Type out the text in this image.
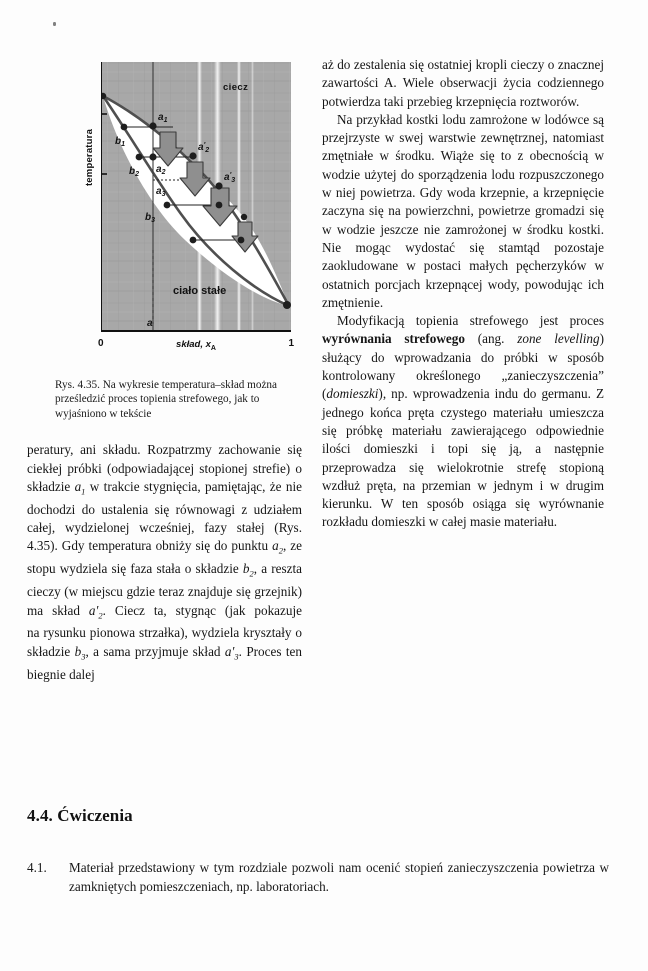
temperatura
ciecz
ciało stałe
a
$a_1$
$a_2$
$a_3$
$a'_2$
$a'_3$
$b_1$
$b_2$
$b_3$
0	skład, $x_A$	1
Rys. 4.35. Na wykresie temperatura–skład można prześledzić proces topienia strefowego, jak to wyjaśniono w tekście

peratury, ani składu. Rozpatrzmy zachowanie się ciekłej próbki (odpowiadającej stopionej strefie) o składzie $a_1$ w trakcie stygnięcia, pamiętając, że nie dochodzi do ustalenia się równowagi z udziałem całej, wydzielonej wcześniej, fazy stałej (Rys. 4.35). Gdy temperatura obniży się do punktu $a_2$, ze stopu wydziela się faza stała o składzie $b_2$, a reszta cieczy (w miejscu gdzie teraz znajduje się grzejnik) ma skład $a'_2$. Ciecz ta, stygnąc (jak pokazuje na rysunku pionowa strzałka), wydziela kryształy o składzie $b_3$, a sama przyjmuje skład $a'_3$. Proces ten biegnie dalej

aż do zestalenia się ostatniej kropli cieczy o znacznej zawartości A. Wiele obserwacji życia codziennego potwierdza taki przebieg krzepnięcia roztworów.

Na przykład kostki lodu zamrożone w lodówce są przejrzyste w swej warstwie zewnętrznej, natomiast zmętniałe w środku. Wiąże się to z obecnością w wodzie użytej do sporządzenia lodu rozpuszczonego w niej powietrza. Gdy woda krzepnie, a krzepnięcie zaczyna się na powierzchni, powietrze gromadzi się w wodzie jeszcze nie zamrożonej w środku kostki. Nie mogąc wydostać się stamtąd pozostaje zaokludowane w postaci małych pęcherzyków w ostatnich porcjach krzepnącej wody, powodując ich zmętnienie.

Modyfikacją topienia strefowego jest proces wyrównania strefowego (ang. zone levelling) służący do wprowadzania do próbki w sposób kontrolowany określonego „zanieczyszczenia” (domieszki), np. wprowadzenia indu do germanu. Z jednego końca pręta czystego materiału umieszcza się próbkę materiału zawierającego odpowiednie ilości domieszki i topi się ją, a następnie przeprowadza się wielokrotnie strefę stopioną wzdłuż pręta, na przemian w jednym i w drugim kierunku. W ten sposób osiąga się wyrównanie rozkładu domieszki w całej masie materiału.

4.4. Ćwiczenia
4.1. Materiał przedstawiony w tym rozdziale pozwoli nam ocenić stopień zanieczyszczenia powietrza w zamkniętych pomieszczeniach, np. laboratoriach.
